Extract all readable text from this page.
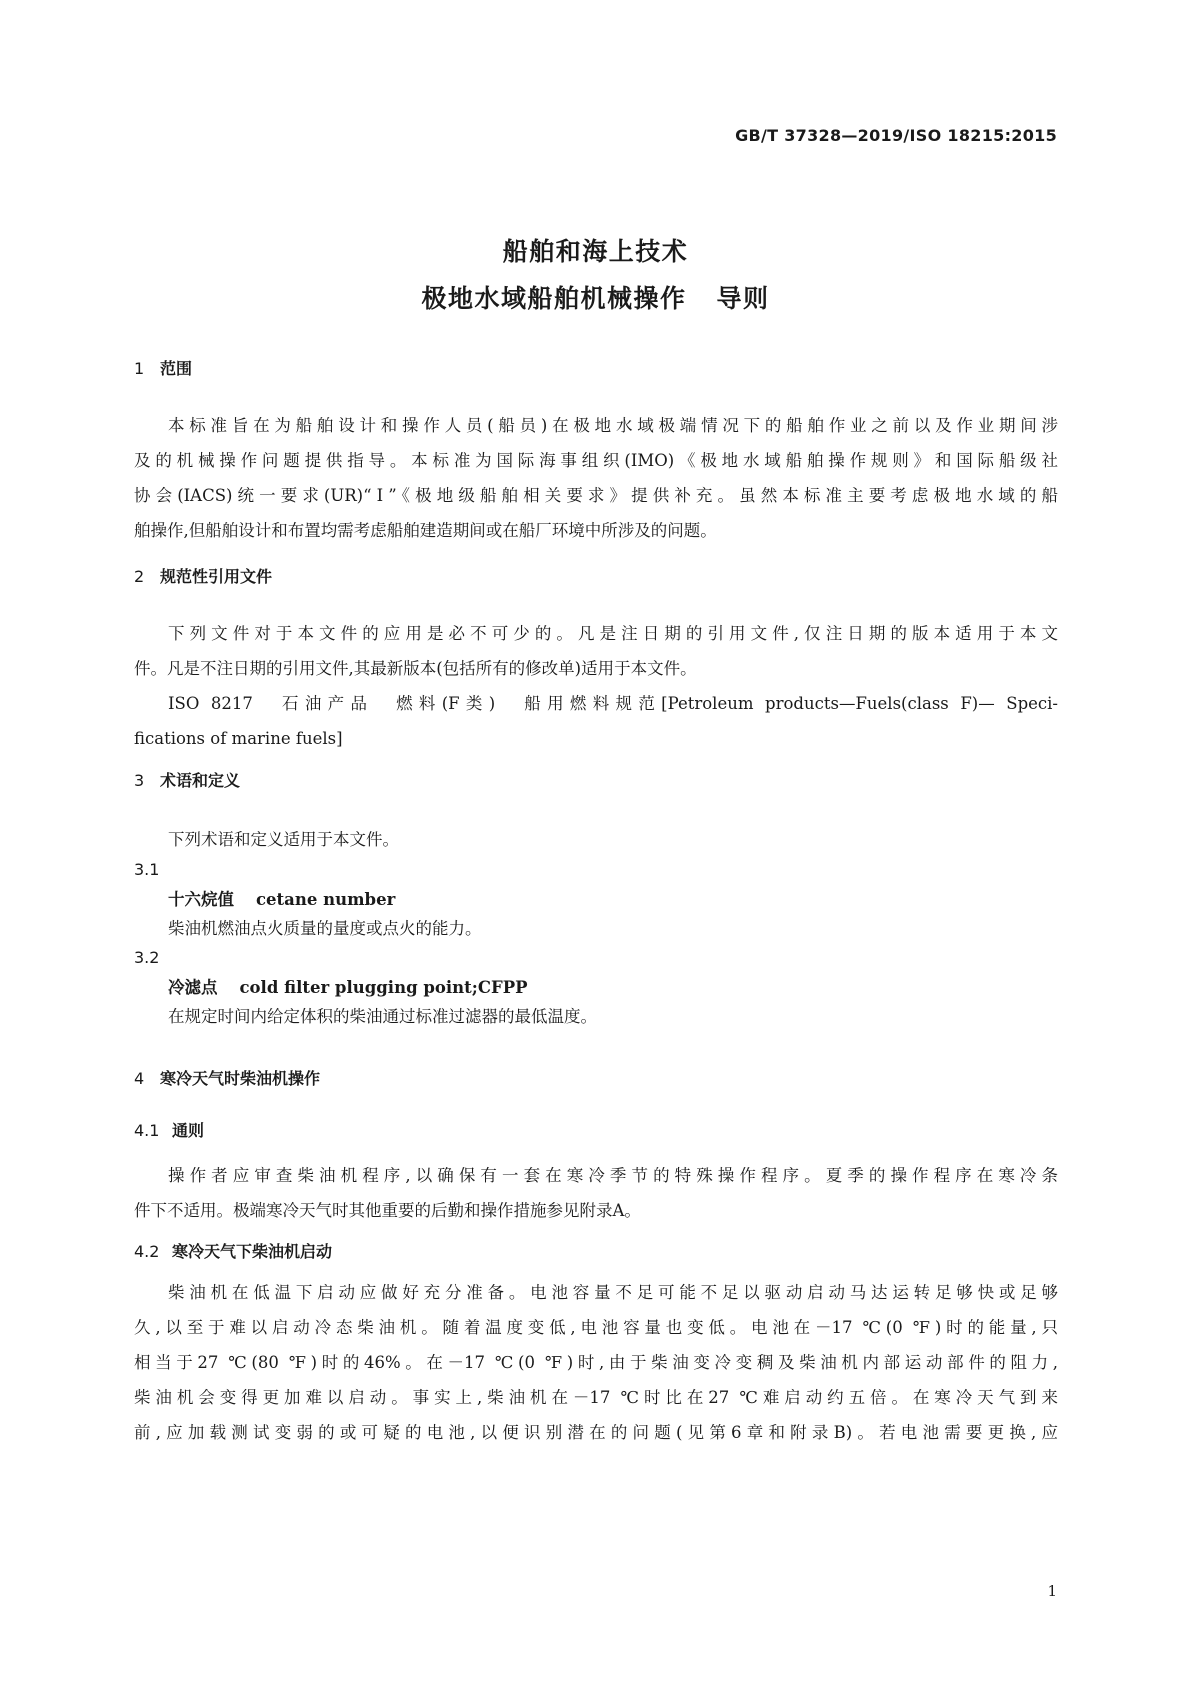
GB/T 37328—2019/ISO 18215:2015
船舶和海上技术
极地水域船舶机械操作 导则
1 范围
本标准旨在为船舶设计和操作人员(船员)在极地水域极端情况下的船舶作业之前以及作业期间涉
及的机械操作问题提供指导。本标准为国际海事组织(IMO)《极地水域船舶操作规则》和国际船级社
协会(IACS)统一要求(UR)“Ⅰ”《极地级船舶相关要求》提供补充。虽然本标准主要考虑极地水域的船
舶操作,但船舶设计和布置均需考虑船舶建造期间或在船厂环境中所涉及的问题。
2 规范性引用文件
下列文件对于本文件的应用是必不可少的。凡是注日期的引用文件,仅注日期的版本适用于本文
件。凡是不注日期的引用文件,其最新版本(包括所有的修改单)适用于本文件。
ISO 8217　石油产品　燃料(F类)　船用燃料规范[Petroleum products—Fuels(class F)— Speci-
fications of marine fuels]
3 术语和定义
下列术语和定义适用于本文件。
3.1
十六烷值 cetane number
柴油机燃油点火质量的量度或点火的能力。
3.2
冷滤点 cold filter plugging point;CFPP
在规定时间内给定体积的柴油通过标准过滤器的最低温度。
4 寒冷天气时柴油机操作
4.1 通则
操作者应审查柴油机程序,以确保有一套在寒冷季节的特殊操作程序。夏季的操作程序在寒冷条
件下不适用。极端寒冷天气时其他重要的后勤和操作措施参见附录A。
4.2 寒冷天气下柴油机启动
柴油机在低温下启动应做好充分准备。电池容量不足可能不足以驱动启动马达运转足够快或足够
久,以至于难以启动冷态柴油机。随着温度变低,电池容量也变低。电池在－17 ℃(0 ℉)时的能量,只
相当于27 ℃(80 ℉)时的46%。在－17 ℃(0 ℉)时,由于柴油变冷变稠及柴油机内部运动部件的阻力,
柴油机会变得更加难以启动。事实上,柴油机在－17 ℃时比在27 ℃难启动约五倍。在寒冷天气到来
前,应加载测试变弱的或可疑的电池,以便识别潜在的问题(见第6章和附录B)。若电池需要更换,应
1
